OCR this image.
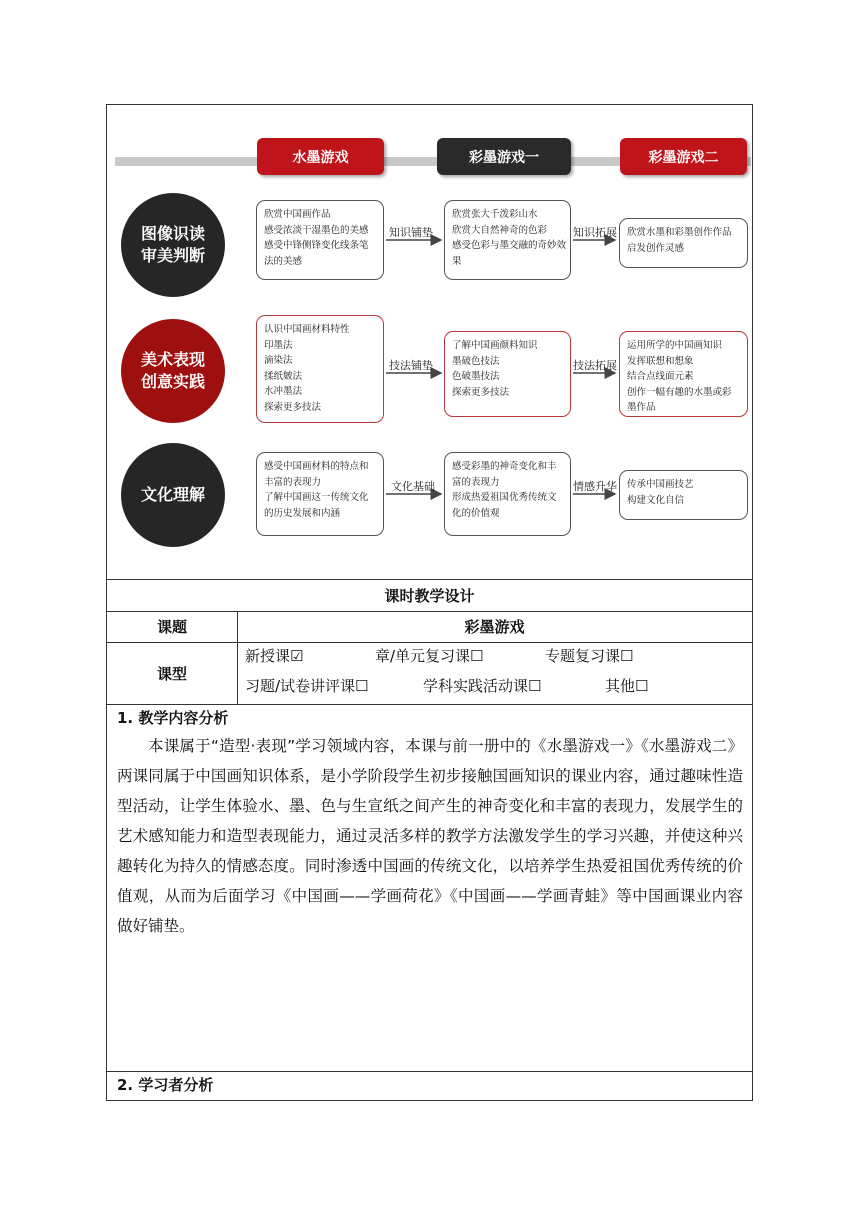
水墨游戏	彩墨游戏一	彩墨游戏二
图像识读
审美判断
欣赏中国画作品
感受浓淡干湿墨色的美感
感受中锋侧锋变化线条笔
法的美感
知识铺垫
欣赏张大千泼彩山水
欣赏大自然神奇的色彩
感受色彩与墨交融的奇妙效
果
知识拓展 欣赏水墨和彩墨创作作品
启发创作灵感
美术表现
创意实践
认识中国画材料特性
印墨法
滴染法
揉纸皴法
水冲墨法
探索更多技法
技法铺垫
了解中国画颜料知识
墨破色技法
色破墨技法
探索更多技法
技法拓展
运用所学的中国画知识
发挥联想和想象
结合点线面元素
创作一幅有趣的水墨或彩
墨作品
文化理解
感受中国画材料的特点和
丰富的表现力
了解中国画这一传统文化
的历史发展和内涵
文化基础
感受彩墨的神奇变化和丰
富的表现力
形成热爱祖国优秀传统文
化的价值观
情感升华 传承中国画技艺
构建文化自信
课时教学设计
课题	彩墨游戏
课型
新授课☑	章/单元复习课☐	专题复习课☐
习题/试卷讲评课☐	学科实践活动课☐	其他☐
1. 教学内容分析
本课属于“造型·表现”学习领域内容，本课与前一册中的《水墨游戏一》《水墨游戏二》两课同属于中国画知识体系，是小学阶段学生初步接触国画知识的课业内容，通过趣味性造型活动，让学生体验水、墨、色与生宣纸之间产生的神奇变化和丰富的表现力，发展学生的艺术感知能力和造型表现能力，通过灵活多样的教学方法激发学生的学习兴趣，并使这种兴趣转化为持久的情感态度。同时渗透中国画的传统文化，以培养学生热爱祖国优秀传统的价值观，从而为后面学习《中国画——学画荷花》《中国画——学画青蛙》等中国画课业内容做好铺垫。
2. 学习者分析
